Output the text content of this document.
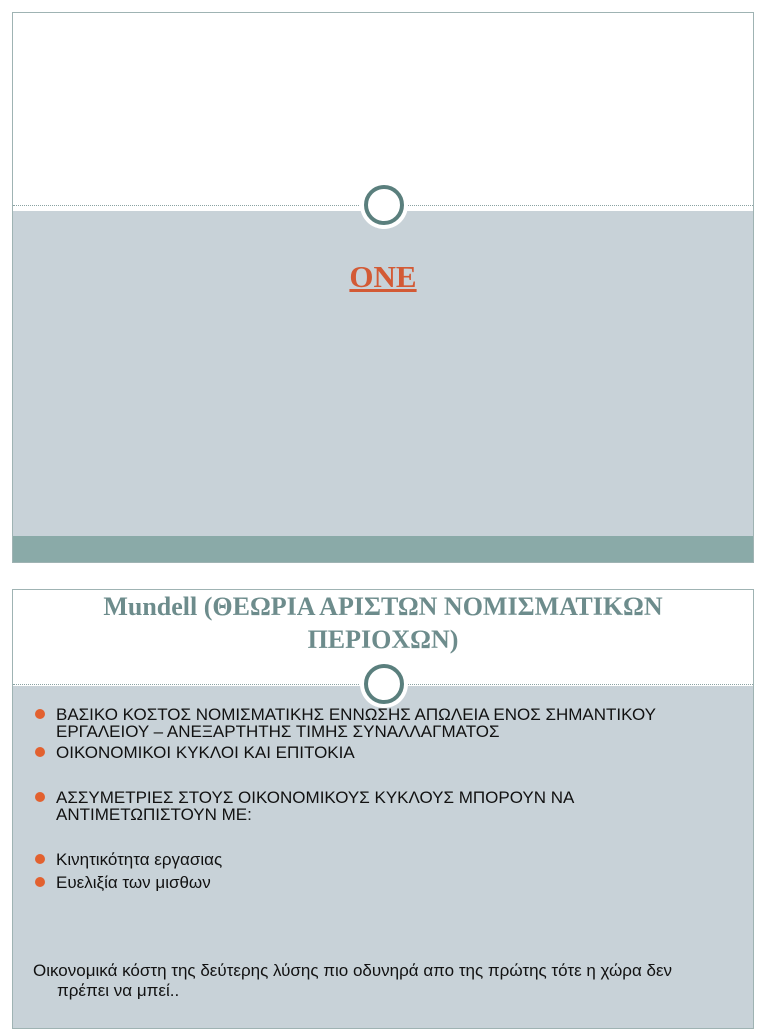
ONE
Mundell (ΘΕΩΡΙΑ ΑΡΙΣΤΩΝ ΝΟΜΙΣΜΑΤΙΚΩΝ
ΠΕΡΙΟΧΩΝ)
ΒΑΣΙΚΟ ΚΟΣΤΟΣ ΝΟΜΙΣΜΑΤΙΚΗΣ ΕΝΝΩΣΗΣ ΑΠΩΛΕΙΑ ΕΝΟΣ ΣΗΜΑΝΤΙΚΟΥ ΕΡΓΑΛΕΙΟΥ – ΑΝΕΞΑΡΤΗΤΗΣ ΤΙΜΗΣ ΣΥΝΑΛΛΑΓΜΑΤΟΣ
ΟΙΚΟΝΟΜΙΚΟΙ ΚΥΚΛΟΙ ΚΑΙ ΕΠΙΤΟΚΙΑ
ΑΣΣΥΜΕΤΡΙΕΣ ΣΤΟΥΣ ΟΙΚΟΝΟΜΙΚΟΥΣ ΚΥΚΛΟΥΣ ΜΠΟΡΟΥΝ ΝΑ ΑΝΤΙΜΕΤΩΠΙΣΤΟΥΝ ΜΕ:
Κινητικότητα εργασιας
Ευελιξία των μισθων

Οικονομικά κόστη της δεύτερης λύσης πιο οδυνηρά απο της πρώτης τότε η χώρα δεν πρέπει να μπεί..
